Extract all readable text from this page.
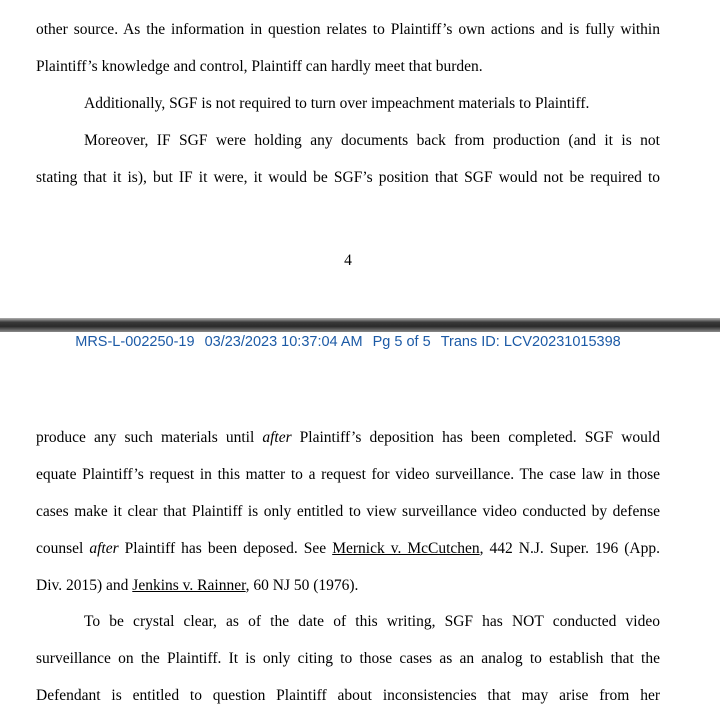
other source. As the information in question relates to Plaintiff’s own actions and is fully within
Plaintiff’s knowledge and control, Plaintiff can hardly meet that burden.
Additionally, SGF is not required to turn over impeachment materials to Plaintiff.
Moreover, IF SGF were holding any documents back from production (and it is not
stating that it is), but IF it were, it would be SGF’s position that SGF would not be required to
4
MRS-L-002250-19 03/23/2023 10:37:04 AM Pg 5 of 5 Trans ID: LCV20231015398
produce any such materials until after Plaintiff’s deposition has been completed. SGF would
equate Plaintiff’s request in this matter to a request for video surveillance. The case law in those
cases make it clear that Plaintiff is only entitled to view surveillance video conducted by defense
counsel after Plaintiff has been deposed. See Mernick v. McCutchen, 442 N.J. Super. 196 (App.
Div. 2015) and Jenkins v. Rainner, 60 NJ 50 (1976).
To be crystal clear, as of the date of this writing, SGF has NOT conducted video
surveillance on the Plaintiff. It is only citing to those cases as an analog to establish that the
Defendant is entitled to question Plaintiff about inconsistencies that may arise from her
